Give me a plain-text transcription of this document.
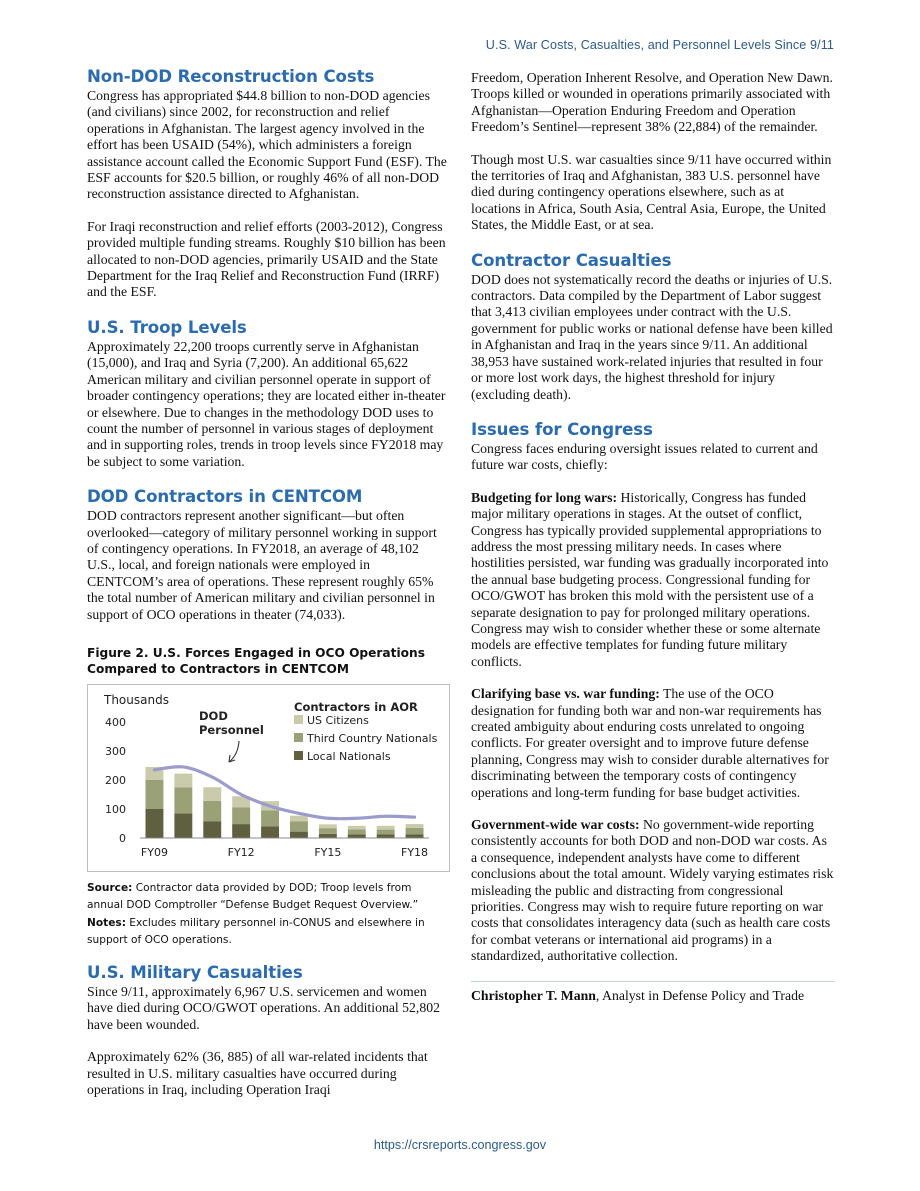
U.S. War Costs, Casualties, and Personnel Levels Since 9/11
Non-DOD Reconstruction Costs

Congress has appropriated $44.8 billion to non-DOD agencies (and civilians) since 2002, for reconstruction and relief operations in Afghanistan. The largest agency involved in the effort has been USAID (54%), which administers a foreign assistance account called the Economic Support Fund (ESF). The ESF accounts for $20.5 billion, or roughly 46% of all non-DOD reconstruction assistance directed to Afghanistan.

For Iraqi reconstruction and relief efforts (2003-2012), Congress provided multiple funding streams. Roughly $10 billion has been allocated to non-DOD agencies, primarily USAID and the State Department for the Iraq Relief and Reconstruction Fund (IRRF) and the ESF.

U.S. Troop Levels

Approximately 22,200 troops currently serve in Afghanistan (15,000), and Iraq and Syria (7,200). An additional 65,622 American military and civilian personnel operate in support of broader contingency operations; they are located either in-theater or elsewhere. Due to changes in the methodology DOD uses to count the number of personnel in various stages of deployment and in supporting roles, trends in troop levels since FY2018 may be subject to some variation.

DOD Contractors in CENTCOM

DOD contractors represent another significant—but often overlooked—category of military personnel working in support of contingency operations. In FY2018, an average of 48,102 U.S., local, and foreign nationals were employed in CENTCOM’s area of operations. These represent roughly 65% the total number of American military and civilian personnel in support of OCO operations in theater (74,033).

Figure 2. U.S. Forces Engaged in OCO Operations Compared to Contractors in CENTCOM
Thousands
0
100
200
300
400
FY09	FY12	FY15	FY18
DOD
Personnel
Contractors in AOR
US Citizens
Third Country Nationals
Local Nationals

Source: Contractor data provided by DOD; Troop levels from annual DOD Comptroller “Defense Budget Request Overview.”

Notes: Excludes military personnel in-CONUS and elsewhere in support of OCO operations.

U.S. Military Casualties

Since 9/11, approximately 6,967 U.S. servicemen and women have died during OCO/GWOT operations. An additional 52,802 have been wounded.

Approximately 62% (36, 885) of all war-related incidents that resulted in U.S. military casualties have occurred during operations in Iraq, including Operation Iraqi

Freedom, Operation Inherent Resolve, and Operation New Dawn. Troops killed or wounded in operations primarily associated with Afghanistan—Operation Enduring Freedom and Operation Freedom’s Sentinel—represent 38% (22,884) of the remainder.

Though most U.S. war casualties since 9/11 have occurred within the territories of Iraq and Afghanistan, 383 U.S. personnel have died during contingency operations elsewhere, such as at locations in Africa, South Asia, Central Asia, Europe, the United States, the Middle East, or at sea.

Contractor Casualties

DOD does not systematically record the deaths or injuries of U.S. contractors. Data compiled by the Department of Labor suggest that 3,413 civilian employees under contract with the U.S. government for public works or national defense have been killed in Afghanistan and Iraq in the years since 9/11. An additional 38,953 have sustained work-related injuries that resulted in four or more lost work days, the highest threshold for injury (excluding death).

Issues for Congress

Congress faces enduring oversight issues related to current and future war costs, chiefly:

Budgeting for long wars: Historically, Congress has funded major military operations in stages. At the outset of conflict, Congress has typically provided supplemental appropriations to address the most pressing military needs. In cases where hostilities persisted, war funding was gradually incorporated into the annual base budgeting process. Congressional funding for OCO/GWOT has broken this mold with the persistent use of a separate designation to pay for prolonged military operations. Congress may wish to consider whether these or some alternate models are effective templates for funding future military conflicts.

Clarifying base vs. war funding: The use of the OCO designation for funding both war and non-war requirements has created ambiguity about enduring costs unrelated to ongoing conflicts. For greater oversight and to improve future defense planning, Congress may wish to consider durable alternatives for discriminating between the temporary costs of contingency operations and long-term funding for base budget activities.

Government-wide war costs: No government-wide reporting consistently accounts for both DOD and non-DOD war costs. As a consequence, independent analysts have come to different conclusions about the total amount. Widely varying estimates risk misleading the public and distracting from congressional priorities. Congress may wish to require future reporting on war costs that consolidates interagency data (such as health care costs for combat veterans or international aid programs) in a standardized, authoritative collection.

Christopher T. Mann, Analyst in Defense Policy and Trade

https://crsreports.congress.gov
